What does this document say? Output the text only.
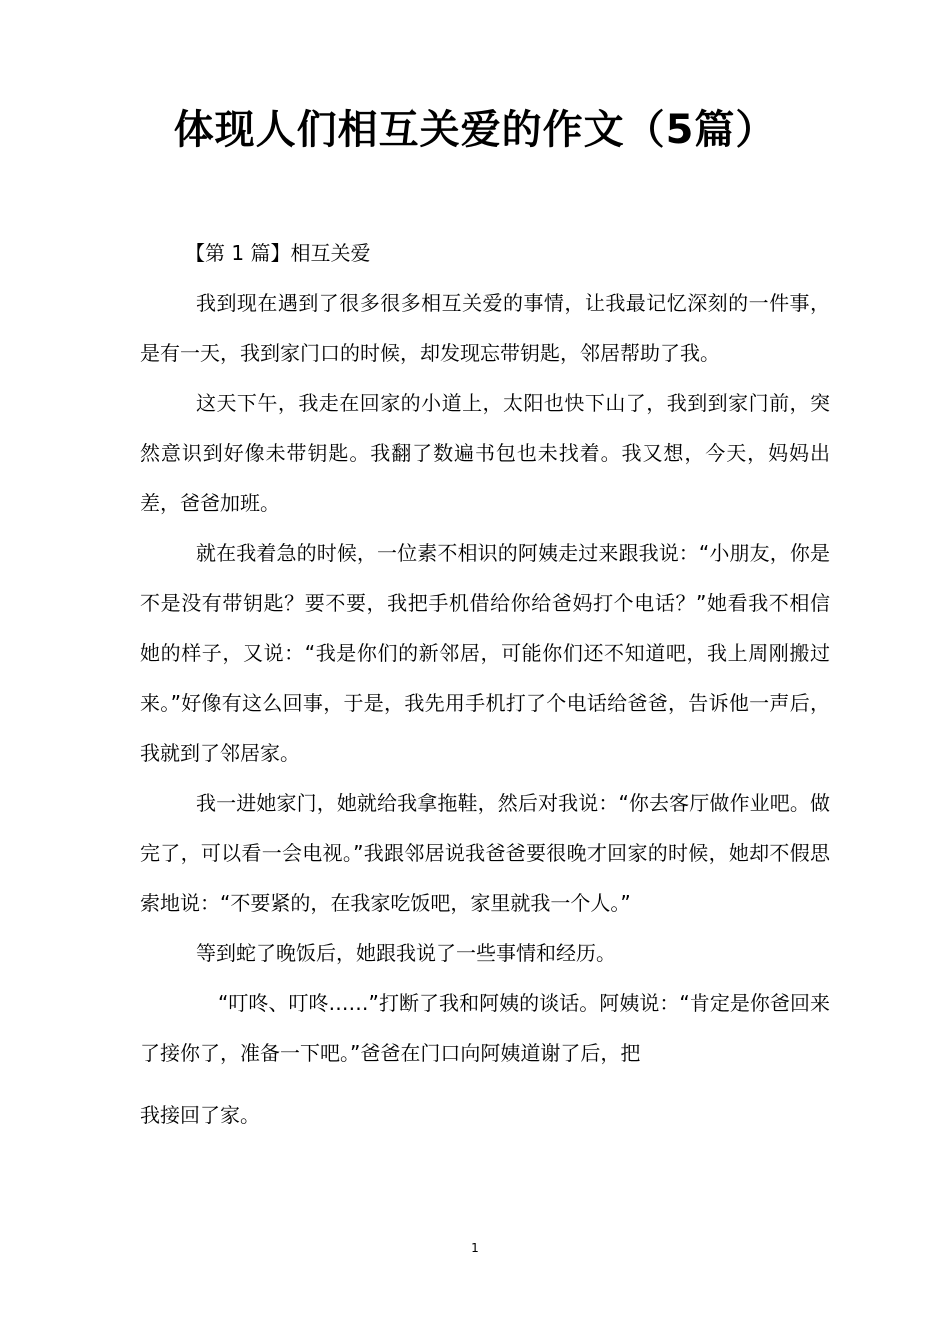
体现人们相互关爱的作文（5篇）

【第 1 篇】相互关爱

我到现在遇到了很多很多相互关爱的事情，让我最记忆深刻的一件事，是有一天，我到家门口的时候，却发现忘带钥匙，邻居帮助了我。

这天下午，我走在回家的小道上，太阳也快下山了，我到到家门前，突然意识到好像未带钥匙。我翻了数遍书包也未找着。我又想，今天，妈妈出差，爸爸加班。

就在我着急的时候，一位素不相识的阿姨走过来跟我说：“小朋友，你是不是没有带钥匙？要不要，我把手机借给你给爸妈打个电话？”她看我不相信她的样子，又说：“我是你们的新邻居，可能你们还不知道吧，我上周刚搬过来。”好像有这么回事，于是，我先用手机打了个电话给爸爸，告诉他一声后，我就到了邻居家。

我一进她家门，她就给我拿拖鞋，然后对我说：“你去客厅做作业吧。做完了，可以看一会电视。”我跟邻居说我爸爸要很晚才回家的时候，她却不假思索地说：“不要紧的，在我家吃饭吧，家里就我一个人。”

等到蛇了晚饭后，她跟我说了一些事情和经历。

“叮咚、叮咚……”打断了我和阿姨的谈话。阿姨说：“肯定是你爸回来了接你了，准备一下吧。”爸爸在门口向阿姨道谢了后，把

我接回了家。

1
